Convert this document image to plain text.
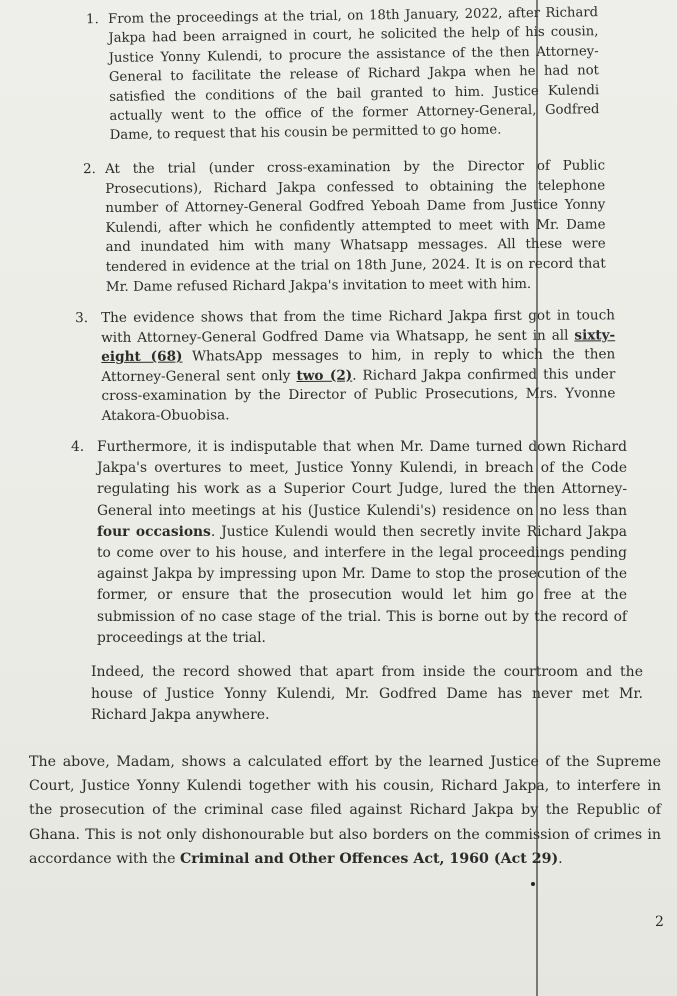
1. From the proceedings at the trial, on 18th January, 2022, after Richard Jakpa had been arraigned in court, he solicited the help of his cousin, Justice Yonny Kulendi, to procure the assistance of the then Attorney-General to facilitate the release of Richard Jakpa when he had not satisfied the conditions of the bail granted to him. Justice Kulendi actually went to the office of the former Attorney-General, Godfred Dame, to request that his cousin be permitted to go home.

2. At the trial (under cross-examination by the Director of Public Prosecutions), Richard Jakpa confessed to obtaining the telephone number of Attorney-General Godfred Yeboah Dame from Justice Yonny Kulendi, after which he confidently attempted to meet with Mr. Dame and inundated him with many Whatsapp messages. All these were tendered in evidence at the trial on 18th June, 2024. It is on record that Mr. Dame refused Richard Jakpa's invitation to meet with him.

3. The evidence shows that from the time Richard Jakpa first got in touch with Attorney-General Godfred Dame via Whatsapp, he sent in all sixty-eight (68) WhatsApp messages to him, in reply to which the then Attorney-General sent only two (2). Richard Jakpa confirmed this under cross-examination by the Director of Public Prosecutions, Mrs. Yvonne Atakora-Obuobisa.

4. Furthermore, it is indisputable that when Mr. Dame turned down Richard Jakpa's overtures to meet, Justice Yonny Kulendi, in breach of the Code regulating his work as a Superior Court Judge, lured the then Attorney-General into meetings at his (Justice Kulendi's) residence on no less than four occasions. Justice Kulendi would then secretly invite Richard Jakpa to come over to his house, and interfere in the legal proceedings pending against Jakpa by impressing upon Mr. Dame to stop the prosecution of the former, or ensure that the prosecution would let him go free at the submission of no case stage of the trial. This is borne out by the record of proceedings at the trial.

Indeed, the record showed that apart from inside the courtroom and the house of Justice Yonny Kulendi, Mr. Godfred Dame has never met Mr. Richard Jakpa anywhere.

The above, Madam, shows a calculated effort by the learned Justice of the Supreme Court, Justice Yonny Kulendi together with his cousin, Richard Jakpa, to interfere in the prosecution of the criminal case filed against Richard Jakpa by the Republic of Ghana. This is not only dishonourable but also borders on the commission of crimes in accordance with the Criminal and Other Offences Act, 1960 (Act 29).

2
